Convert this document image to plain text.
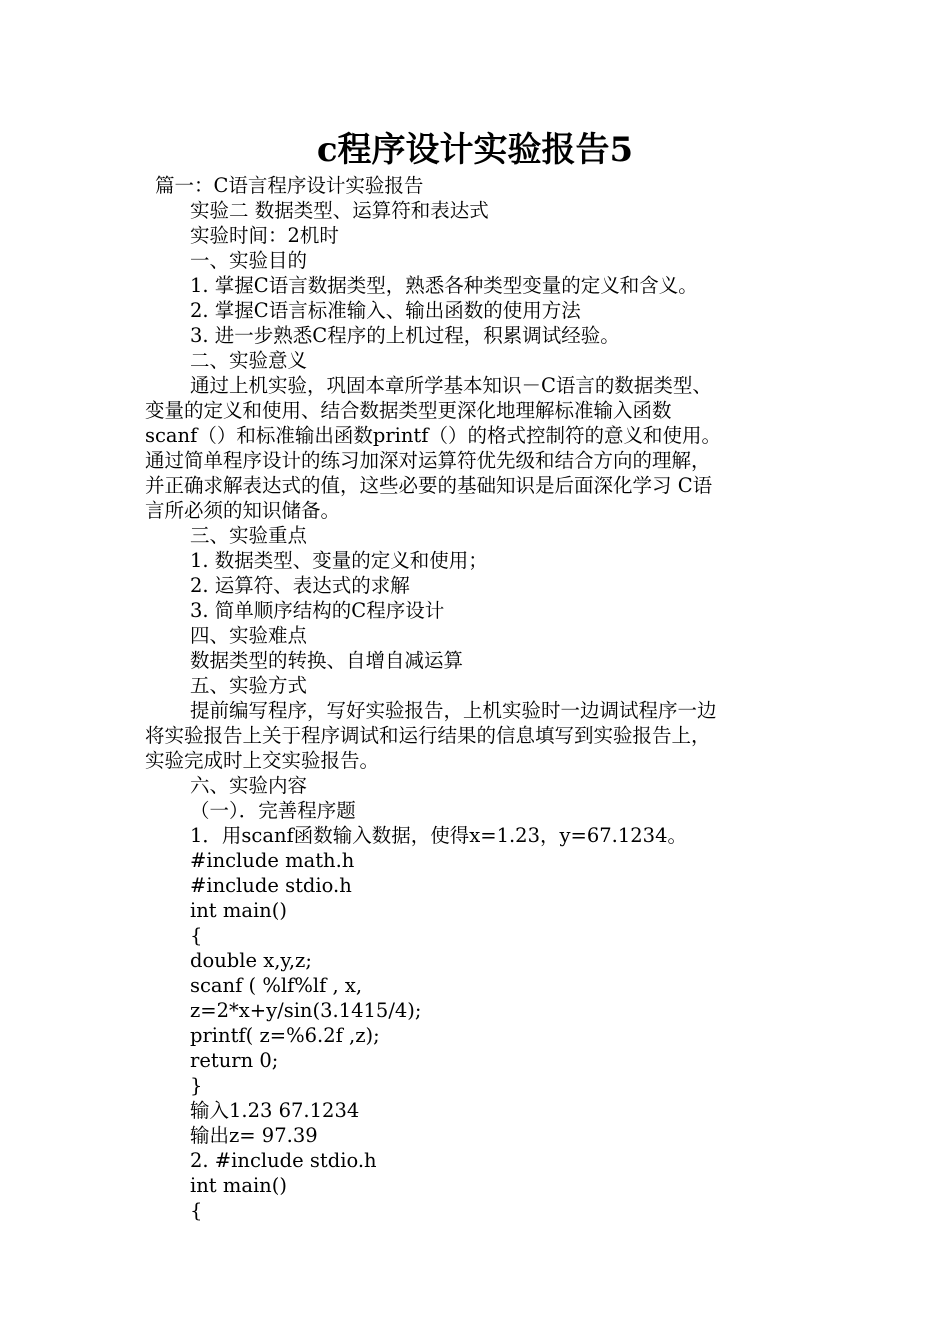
c程序设计实验报告5
篇一：C语言程序设计实验报告
实验二 数据类型、运算符和表达式
实验时间：2机时
一、实验目的
1. 掌握C语言数据类型，熟悉各种类型变量的定义和含义。
2. 掌握C语言标准输入、输出函数的使用方法
3. 进一步熟悉C程序的上机过程，积累调试经验。
二、实验意义
通过上机实验，巩固本章所学基本知识－C语言的数据类型、
变量的定义和使用、结合数据类型更深化地理解标准输入函数
scanf（）和标准输出函数printf（）的格式控制符的意义和使用。
通过简单程序设计的练习加深对运算符优先级和结合方向的理解，
并正确求解表达式的值，这些必要的基础知识是后面深化学习 C语
言所必须的知识储备。
三、实验重点
1. 数据类型、变量的定义和使用；
2. 运算符、表达式的求解
3. 简单顺序结构的C程序设计
四、实验难点
数据类型的转换、自增自减运算
五、实验方式
提前编写程序，写好实验报告，上机实验时一边调试程序一边
将实验报告上关于程序调试和运行结果的信息填写到实验报告上，
实验完成时上交实验报告。
六、实验内容
（一）．完善程序题
1．用scanf函数输入数据，使得x=1.23，y=67.1234。
#include math.h
#include stdio.h
int main()
{
double x,y,z;
scanf ( %lf%lf , x,
z=2*x+y/sin(3.1415/4);
printf( z=%6.2f ,z);
return 0;
}
输入1.23 67.1234
输出z= 97.39
2. #include stdio.h
int main()
{
